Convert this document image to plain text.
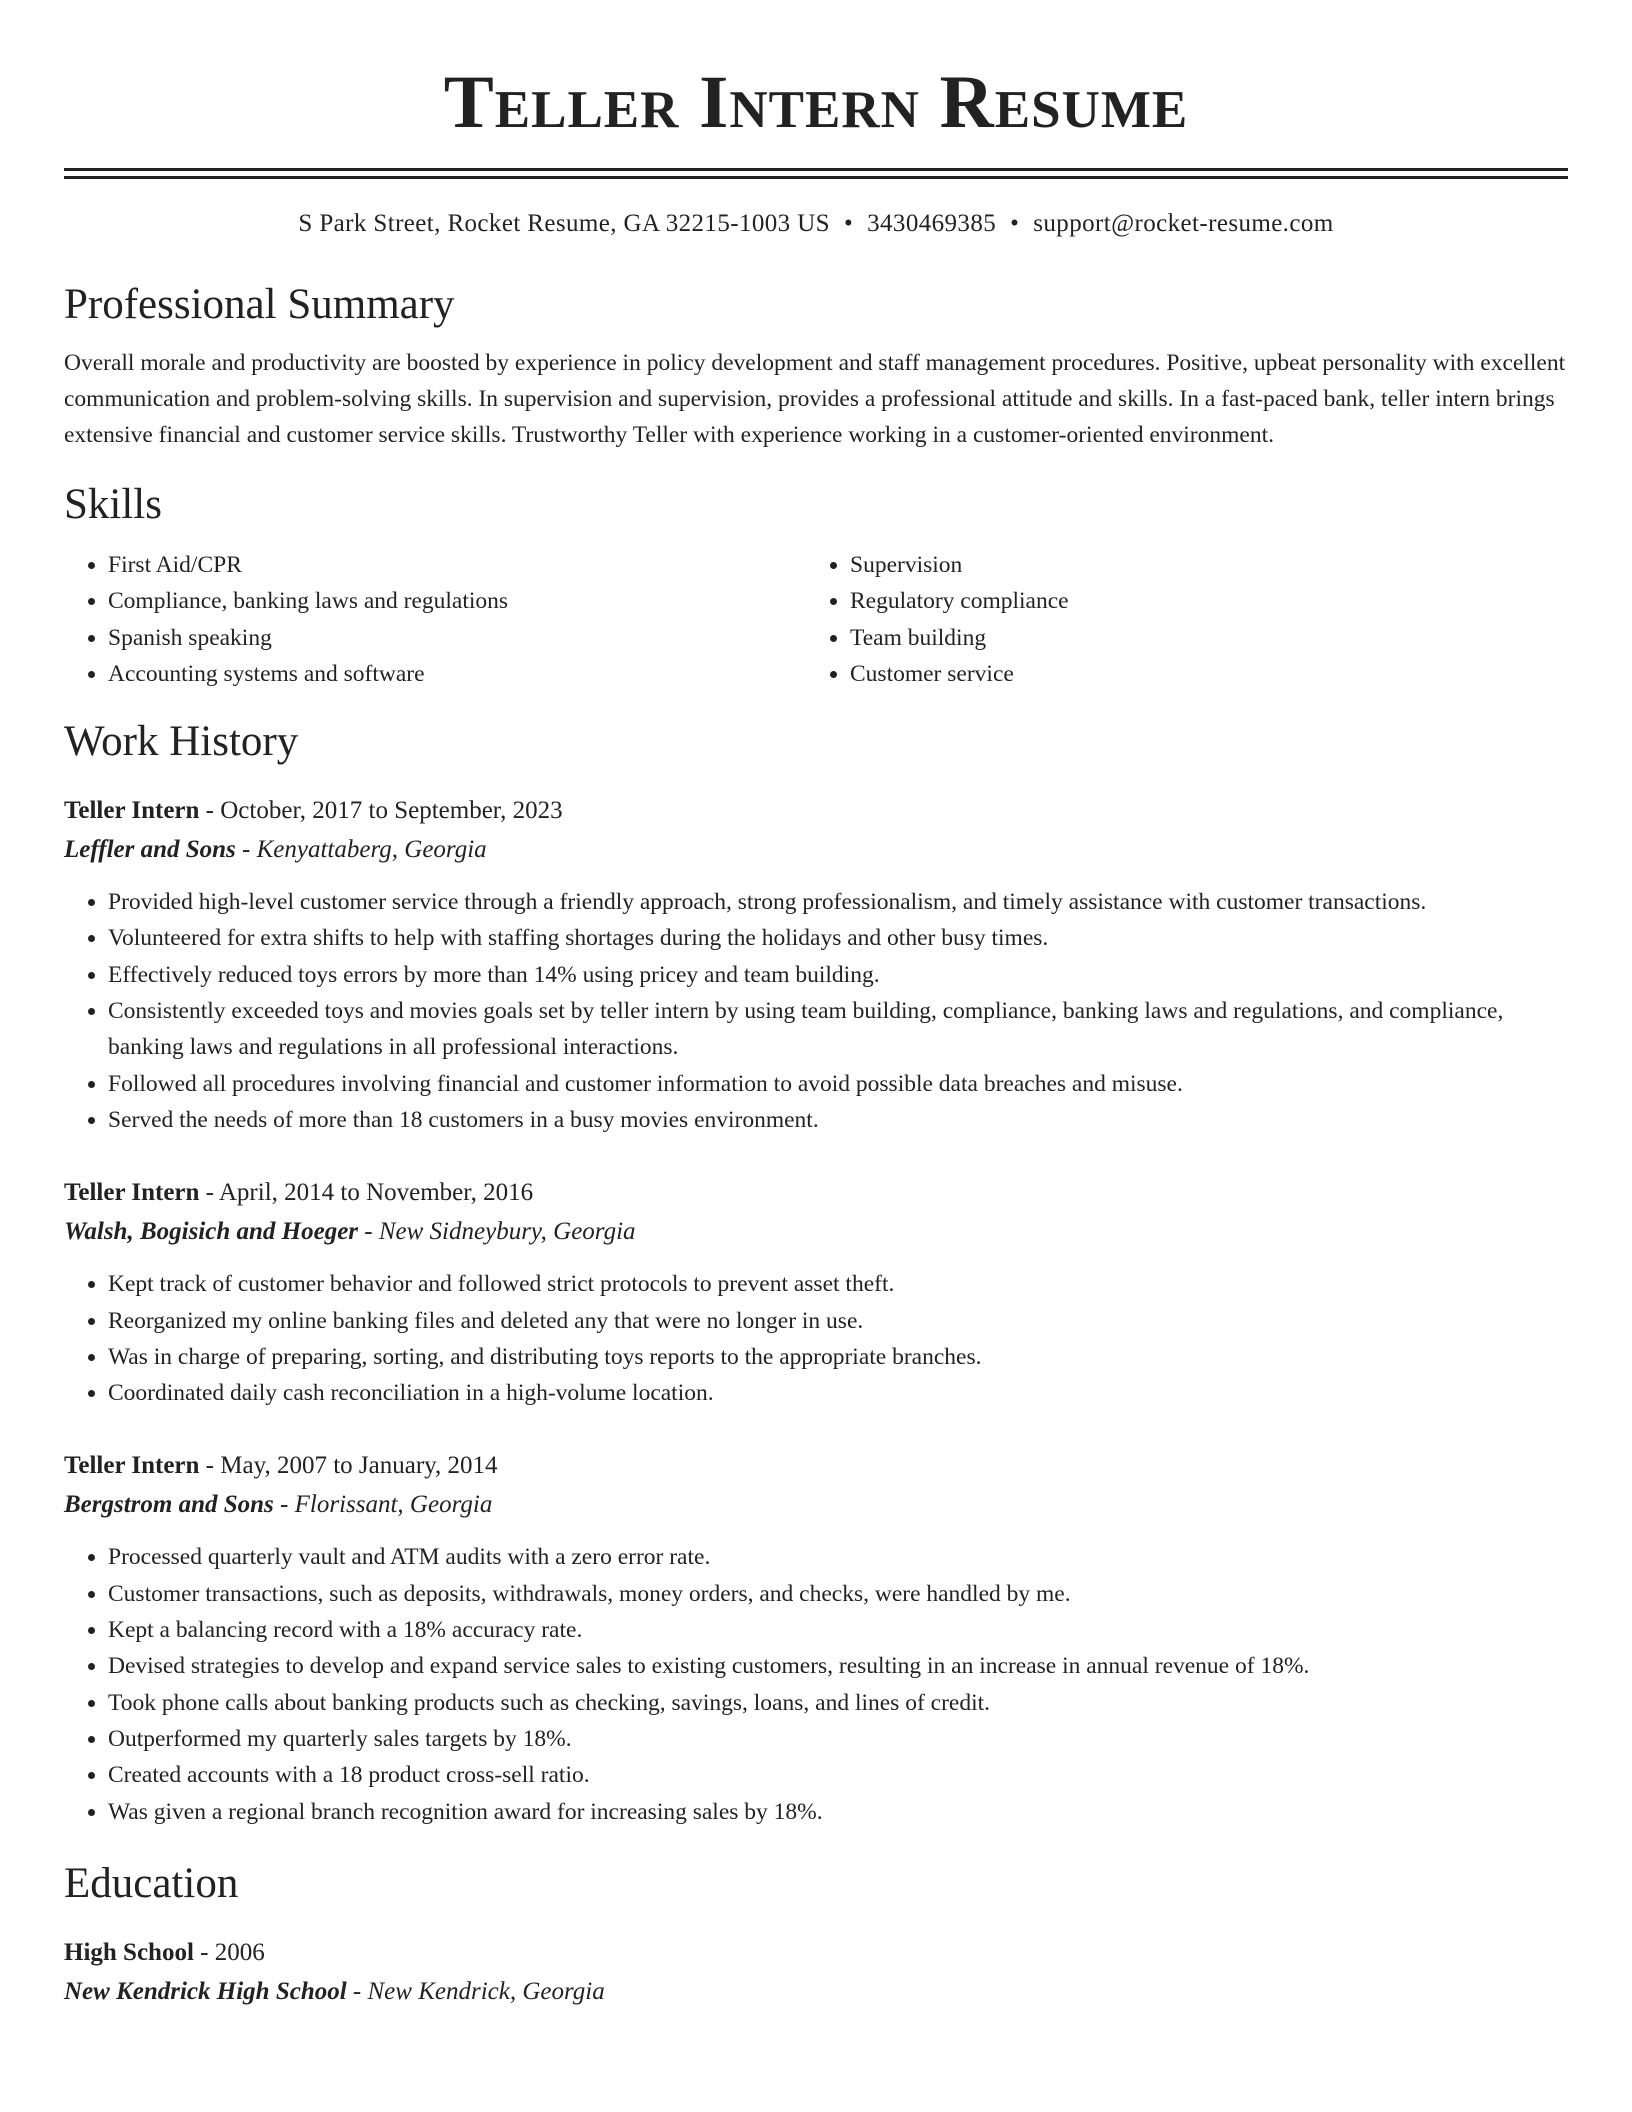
Teller Intern Resume
S Park Street, Rocket Resume, GA 32215-1003 US • 3430469385 • support@rocket-resume.com
Professional Summary
Overall morale and productivity are boosted by experience in policy development and staff management procedures. Positive, upbeat personality with excellent communication and problem-solving skills. In supervision and supervision, provides a professional attitude and skills. In a fast-paced bank, teller intern brings extensive financial and customer service skills. Trustworthy Teller with experience working in a customer-oriented environment.
Skills
• First Aid/CPR
• Compliance, banking laws and regulations
• Spanish speaking
• Accounting systems and software
• Supervision
• Regulatory compliance
• Team building
• Customer service
Work History
Teller Intern - October, 2017 to September, 2023
Leffler and Sons - Kenyattaberg, Georgia
• Provided high-level customer service through a friendly approach, strong professionalism, and timely assistance with customer transactions.
• Volunteered for extra shifts to help with staffing shortages during the holidays and other busy times.
• Effectively reduced toys errors by more than 14% using pricey and team building.
• Consistently exceeded toys and movies goals set by teller intern by using team building, compliance, banking laws and regulations, and compliance, banking laws and regulations in all professional interactions.
• Followed all procedures involving financial and customer information to avoid possible data breaches and misuse.
• Served the needs of more than 18 customers in a busy movies environment.
Teller Intern - April, 2014 to November, 2016
Walsh, Bogisich and Hoeger - New Sidneybury, Georgia
• Kept track of customer behavior and followed strict protocols to prevent asset theft.
• Reorganized my online banking files and deleted any that were no longer in use.
• Was in charge of preparing, sorting, and distributing toys reports to the appropriate branches.
• Coordinated daily cash reconciliation in a high-volume location.
Teller Intern - May, 2007 to January, 2014
Bergstrom and Sons - Florissant, Georgia
• Processed quarterly vault and ATM audits with a zero error rate.
• Customer transactions, such as deposits, withdrawals, money orders, and checks, were handled by me.
• Kept a balancing record with a 18% accuracy rate.
• Devised strategies to develop and expand service sales to existing customers, resulting in an increase in annual revenue of 18%.
• Took phone calls about banking products such as checking, savings, loans, and lines of credit.
• Outperformed my quarterly sales targets by 18%.
• Created accounts with a 18 product cross-sell ratio.
• Was given a regional branch recognition award for increasing sales by 18%.
Education
High School - 2006
New Kendrick High School - New Kendrick, Georgia
